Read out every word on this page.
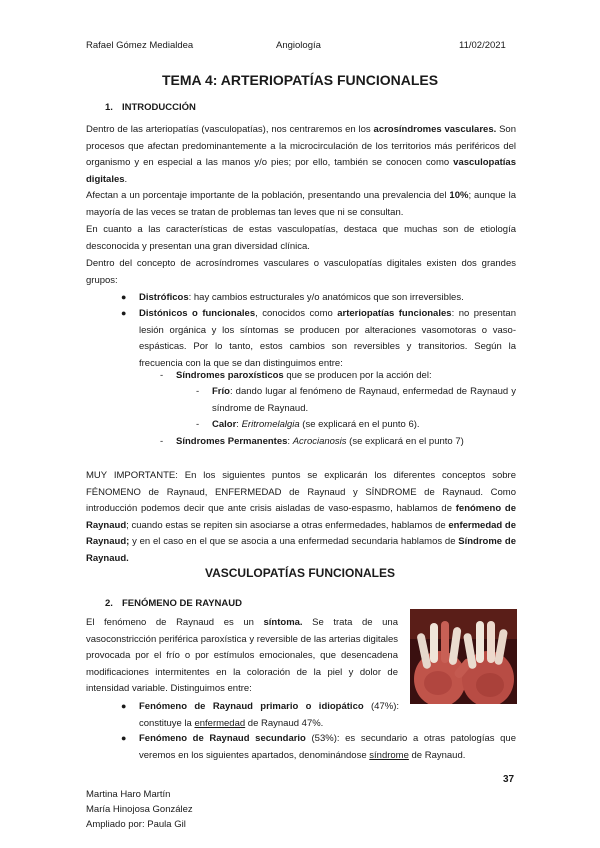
Rafael Gómez Medialdea	Angiología	11/02/2021
TEMA 4: ARTERIOPATÍAS FUNCIONALES
1. INTRODUCCIÓN
Dentro de las arteriopatías (vasculopatías), nos centraremos en los acrosíndromes vasculares. Son procesos que afectan predominantemente a la microcirculación de los territorios más periféricos del organismo y en especial a las manos y/o pies; por ello, también se conocen como vasculopatías digitales.
Afectan a un porcentaje importante de la población, presentando una prevalencia del 10%; aunque la mayoría de las veces se tratan de problemas tan leves que ni se consultan.
En cuanto a las características de estas vasculopatías, destaca que muchas son de etiología desconocida y presentan una gran diversidad clínica.
Dentro del concepto de acrosíndromes vasculares o vasculopatías digitales existen dos grandes grupos:
● Distróficos: hay cambios estructurales y/o anatómicos que son irreversibles.
● Distónicos o funcionales, conocidos como arteriopatías funcionales: no presentan lesión orgánica y los síntomas se producen por alteraciones vasomotoras o vaso-espásticas. Por lo tanto, estos cambios son reversibles y transitorios. Según la frecuencia con la que se dan distinguimos entre:
- Síndromes paroxísticos que se producen por la acción del:
- Frío: dando lugar al fenómeno de Raynaud, enfermedad de Raynaud y síndrome de Raynaud.
- Calor: Eritromelalgia (se explicará en el punto 6).
- Síndromes Permanentes: Acrocianosis (se explicará en el punto 7)
MUY IMPORTANTE: En los siguientes puntos se explicarán los diferentes conceptos sobre FÉNOMENO de Raynaud, ENFERMEDAD de Raynaud y SÍNDROME de Raynaud. Como introducción podemos decir que ante crisis aisladas de vaso-espasmo, hablamos de fenómeno de Raynaud; cuando estas se repiten sin asociarse a otras enfermedades, hablamos de enfermedad de Raynaud; y en el caso en el que se asocia a una enfermedad secundaria hablamos de Síndrome de Raynaud.
VASCULOPATÍAS FUNCIONALES
2. FENÓMENO DE RAYNAUD
El fenómeno de Raynaud es un síntoma. Se trata de una vasoconstricción periférica paroxística y reversible de las arterias digitales provocada por el frío o por estímulos emocionales, que desencadena modificaciones intermitentes en la coloración de la piel y dolor de intensidad variable. Distinguimos entre:
● Fenómeno de Raynaud primario o idiopático (47%): constituye la enfermedad de Raynaud 47%.
● Fenómeno de Raynaud secundario (53%): es secundario a otras patologías que veremos en los siguientes apartados, denominándose síndrome de Raynaud.
37
Martina Haro Martín
María Hinojosa González
Ampliado por: Paula Gil
